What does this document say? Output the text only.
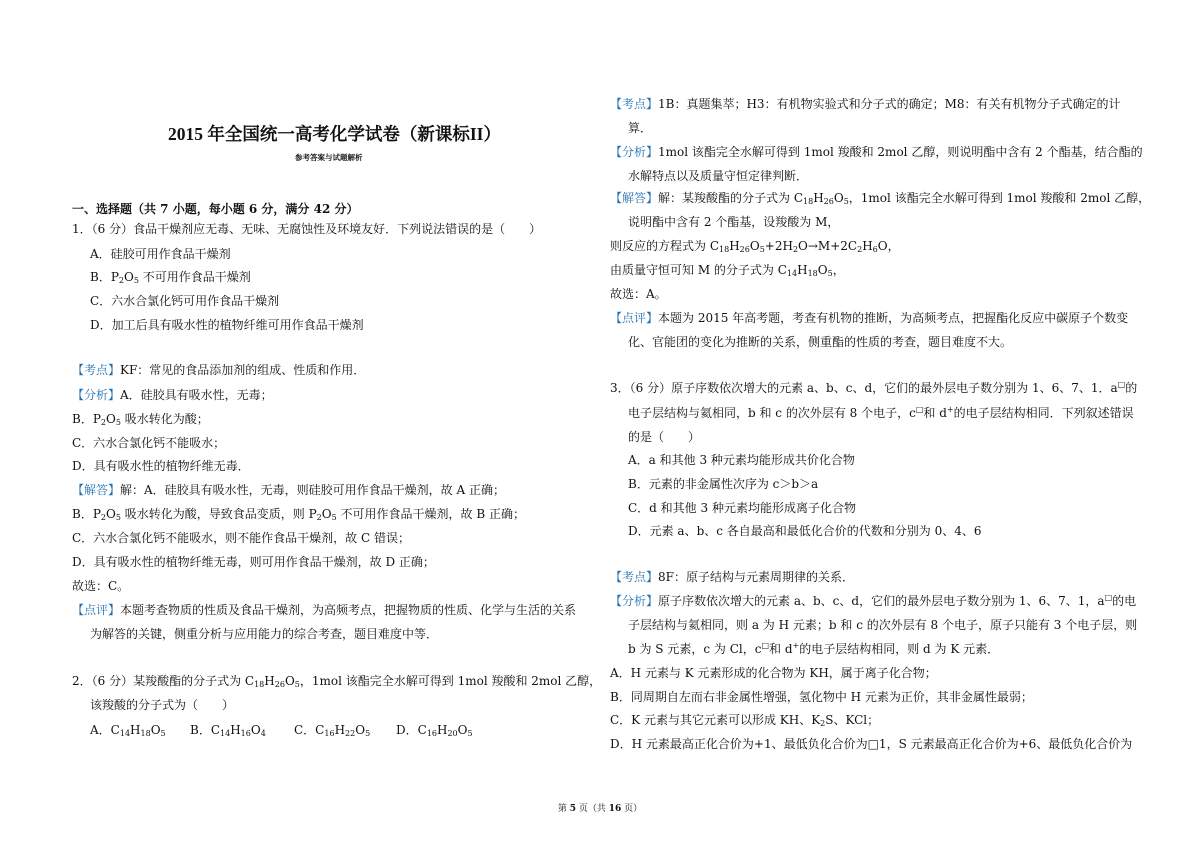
2015 年全国统一高考化学试卷（新课标II）
参考答案与试题解析
一、选择题（共 7 小题，每小题 6 分，满分 42 分）
1．（6 分）食品干燥剂应无毒、无味、无腐蚀性及环境友好．下列说法错误的是（　　）
A．硅胶可用作食品干燥剂
B．$P_2O_5$ 不可用作食品干燥剂
C．六水合氯化钙可用作食品干燥剂
D．加工后具有吸水性的植物纤维可用作食品干燥剂
【考点】KF：常见的食品添加剂的组成、性质和作用．
【分析】A．硅胶具有吸水性，无毒；
B．$P_2O_5$ 吸水转化为酸；
C．六水合氯化钙不能吸水；
D．具有吸水性的植物纤维无毒．
【解答】解：A．硅胶具有吸水性，无毒，则硅胶可用作食品干燥剂，故 A 正确；
B．$P_2O_5$ 吸水转化为酸，导致食品变质，则 $P_2O_5$ 不可用作食品干燥剂，故 B 正确；
C．六水合氯化钙不能吸水，则不能作食品干燥剂，故 C 错误；
D．具有吸水性的植物纤维无毒，则可用作食品干燥剂，故 D 正确；
故选：C。
【点评】本题考查物质的性质及食品干燥剂，为高频考点，把握物质的性质、化学与生活的关系
为解答的关键，侧重分析与应用能力的综合考查，题目难度中等．
2．（6 分）某羧酸酯的分子式为 $C_{18}H_{26}O_5$，1mol 该酯完全水解可得到 1mol 羧酸和 2mol 乙醇，
该羧酸的分子式为（　　）
A．$C_{14}H_{18}O_5$ B．$C_{14}H_{16}O_4$ C．$C_{16}H_{22}O_5$ D．$C_{16}H_{20}O_5$
【考点】1B：真题集萃；H3：有机物实验式和分子式的确定；M8：有关有机物分子式确定的计
算．
【分析】1mol 该酯完全水解可得到 1mol 羧酸和 2mol 乙醇，则说明酯中含有 2 个酯基，结合酯的
水解特点以及质量守恒定律判断．
【解答】解：某羧酸酯的分子式为 $C_{18}H_{26}O_5$，1mol 该酯完全水解可得到 1mol 羧酸和 2mol 乙醇，
说明酯中含有 2 个酯基，设羧酸为 M，
则反应的方程式为 $C_{18}H_{26}O_5+2H_2O\to M+2C_2H_6O$，
由质量守恒可知 M 的分子式为 $C_{14}H_{18}O_5$，
故选：A。
【点评】本题为 2015 年高考题，考查有机物的推断，为高频考点，把握酯化反应中碳原子个数变
化、官能团的变化为推断的关系，侧重酯的性质的考查，题目难度不大。
3．（6 分）原子序数依次增大的元素 a、b、c、d，它们的最外层电子数分别为 1、6、7、1．a□的
电子层结构与氦相同，b 和 c 的次外层有 8 个电子，c□和 d+的电子层结构相同．下列叙述错误
的是（　　）
A．a 和其他 3 种元素均能形成共价化合物
B．元素的非金属性次序为 c＞b＞a
C．d 和其他 3 种元素均能形成离子化合物
D．元素 a、b、c 各自最高和最低化合价的代数和分别为 0、4、6
【考点】8F：原子结构与元素周期律的关系．
【分析】原子序数依次增大的元素 a、b、c、d，它们的最外层电子数分别为 1、6、7、1，a□的电
子层结构与氦相同，则 a 为 H 元素；b 和 c 的次外层有 8 个电子，原子只能有 3 个电子层，则
b 为 S 元素，c 为 Cl，c□和 d+的电子层结构相同，则 d 为 K 元素．
A．H 元素与 K 元素形成的化合物为 KH，属于离子化合物；
B．同周期自左而右非金属性增强，氢化物中 H 元素为正价，其非金属性最弱；
C．K 元素与其它元素可以形成 KH、$K_2S$、KCl；
D．H 元素最高正化合价为+1、最低负化合价为□1，S 元素最高正化合价为+6、最低负化合价为
第 5 页（共 16 页）
